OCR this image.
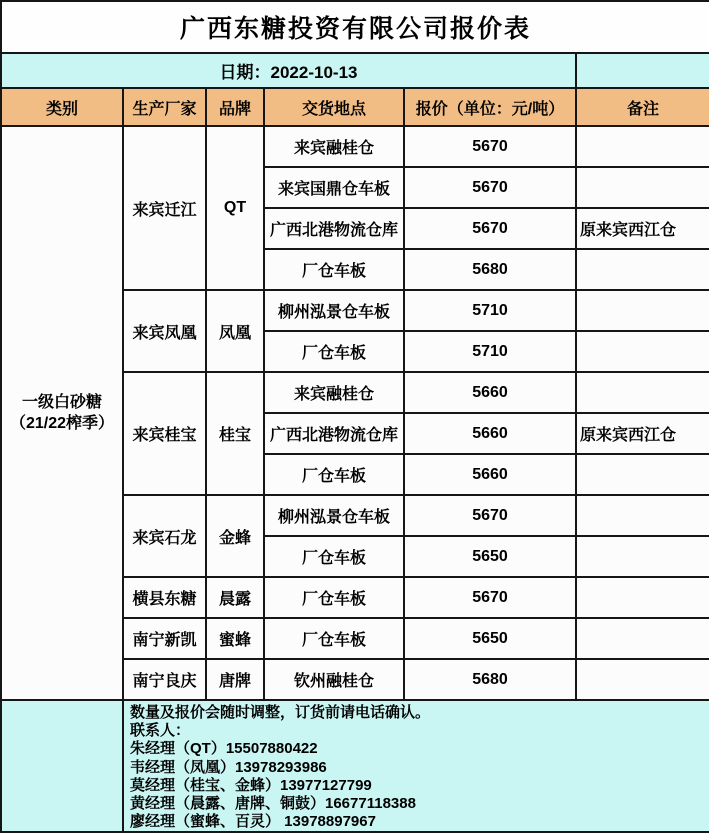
广西东糖投资有限公司报价表					
日期：2022-10-13					
类别	生产厂家	品牌	交货地点	报价（单位：元/吨）	备注

一级白砂糖
（21/22榨季）	来宾迁江	QT	来宾融桂仓	5670	
			来宾国鼎仓车板	5670	
			广西北港物流仓库	5670	原来宾西江仓
			厂仓车板	5680	
	来宾凤凰	凤凰	柳州泓景仓车板	5710	
			厂仓车板	5710	
	来宾桂宝	桂宝	来宾融桂仓	5660	
			广西北港物流仓库	5660	原来宾西江仓
			厂仓车板	5660	
	来宾石龙	金蜂	柳州泓景仓车板	5670	
			厂仓车板	5650	
	横县东糖	晨露	厂仓车板	5670	
	南宁新凯	蜜蜂	厂仓车板	5650	
	南宁良庆	唐牌	钦州融桂仓	5680	

数量及报价会随时调整，订货前请电话确认。
联系人：
朱经理（QT）15507880422
韦经理（凤凰）13978293986
莫经理（桂宝、金蜂）13977127799
黄经理（晨露、唐牌、铜鼓）16677118388
廖经理（蜜蜂、百灵） 13978897967
